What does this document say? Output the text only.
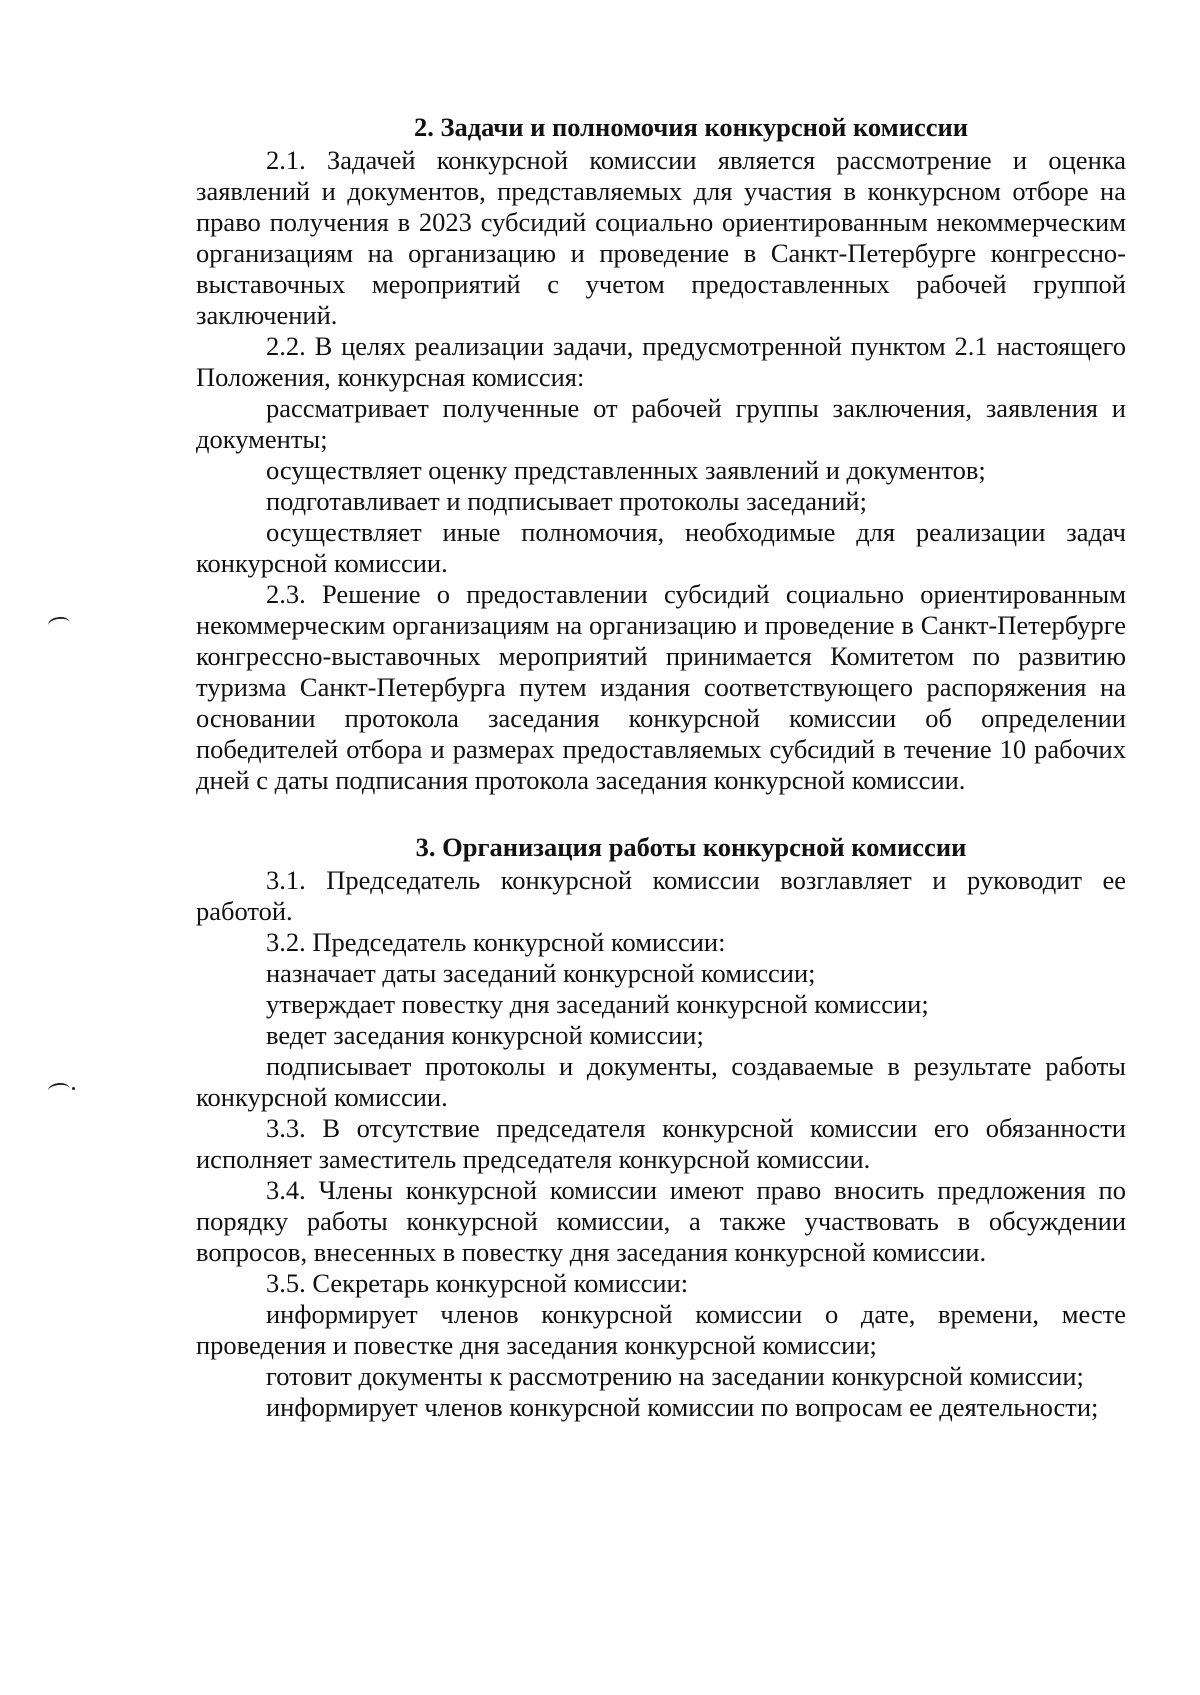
2. Задачи и полномочия конкурсной комиссии

2.1. Задачей конкурсной комиссии является рассмотрение и оценка заявлений и документов, представляемых для участия в конкурсном отборе на право получения в 2023 субсидий социально ориентированным некоммерческим организациям на организацию и проведение в Санкт-Петербурге конгрессно-выставочных мероприятий с учетом предоставленных рабочей группой заключений.

2.2. В целях реализации задачи, предусмотренной пунктом 2.1 настоящего Положения, конкурсная комиссия:

рассматривает полученные от рабочей группы заключения, заявления и документы;

осуществляет оценку представленных заявлений и документов;

подготавливает и подписывает протоколы заседаний;

осуществляет иные полномочия, необходимые для реализации задач конкурсной комиссии.

2.3. Решение о предоставлении субсидий социально ориентированным некоммерческим организациям на организацию и проведение в Санкт-Петербурге конгрессно-выставочных мероприятий принимается Комитетом по развитию туризма Санкт-Петербурга путем издания соответствующего распоряжения на основании протокола заседания конкурсной комиссии об определении победителей отбора и размерах предоставляемых субсидий в течение 10 рабочих дней с даты подписания протокола заседания конкурсной комиссии.

3. Организация работы конкурсной комиссии

3.1. Председатель конкурсной комиссии возглавляет и руководит ее работой.

3.2. Председатель конкурсной комиссии:

назначает даты заседаний конкурсной комиссии;

утверждает повестку дня заседаний конкурсной комиссии;

ведет заседания конкурсной комиссии;

подписывает протоколы и документы, создаваемые в результате работы конкурсной комиссии.

3.3. В отсутствие председателя конкурсной комиссии его обязанности исполняет заместитель председателя конкурсной комиссии.

3.4. Члены конкурсной комиссии имеют право вносить предложения по порядку работы конкурсной комиссии, а также участвовать в обсуждении вопросов, внесенных в повестку дня заседания конкурсной комиссии.

3.5. Секретарь конкурсной комиссии:

информирует членов конкурсной комиссии о дате, времени, месте проведения и повестке дня заседания конкурсной комиссии;

готовит документы к рассмотрению на заседании конкурсной комиссии;

информирует членов конкурсной комиссии по вопросам ее деятельности;
